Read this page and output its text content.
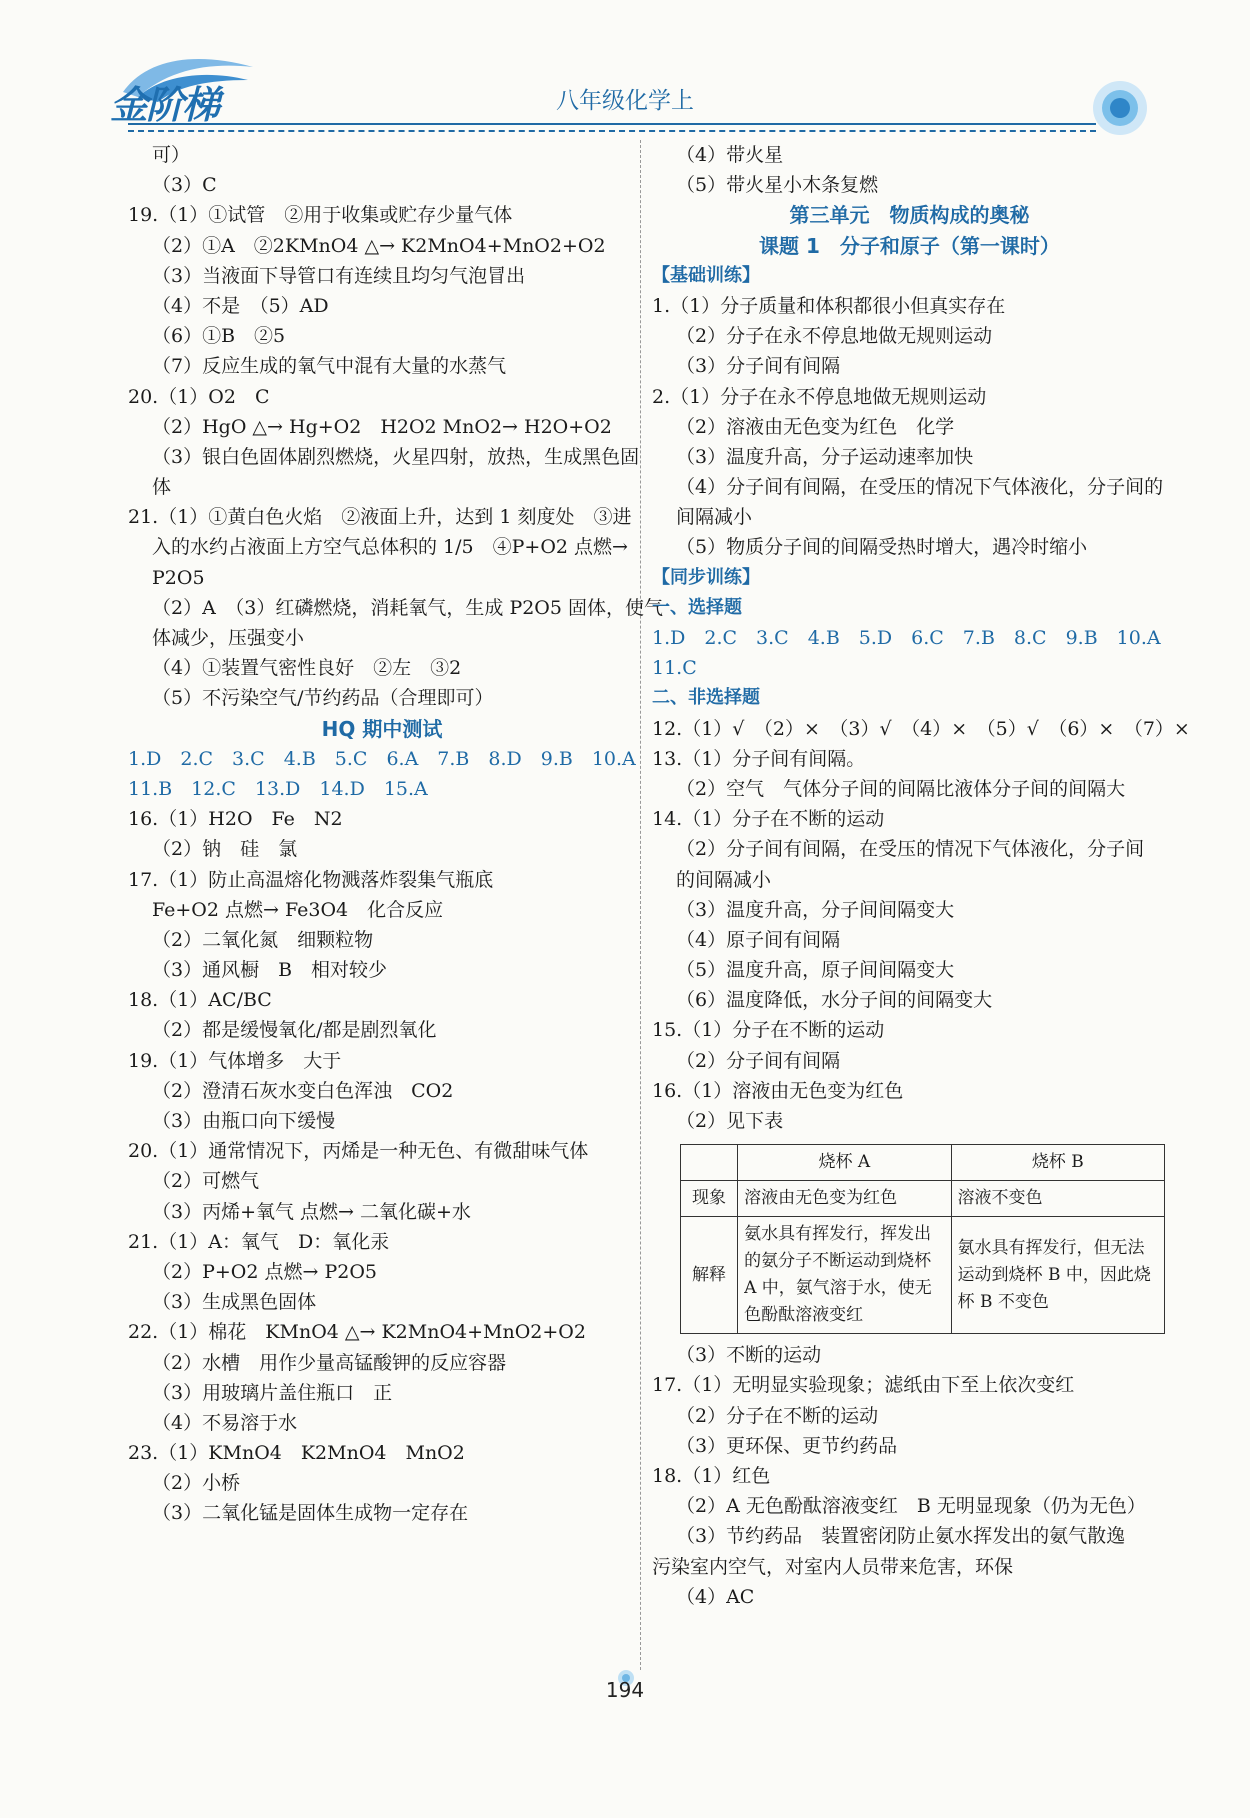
金阶梯	八年级化学上
可）
（3）C
19.（1）①试管　②用于收集或贮存少量气体
（2）①A　②2KMnO4 △→ K2MnO4+MnO2+O2
（3）当液面下导管口有连续且均匀气泡冒出
（4）不是　（5）AD
（6）①B　②5
（7）反应生成的氧气中混有大量的水蒸气
20.（1）O2　C
（2）HgO △→ Hg+O2　H2O2 MnO2→ H2O+O2
（3）银白色固体剧烈燃烧，火星四射，放热，生成黑色固
体
21.（1）①黄白色火焰　②液面上升，达到 1 刻度处　③进
入的水约占液面上方空气总体积的 1/5　④P+O2 点燃→
P2O5
（2）A　（3）红磷燃烧，消耗氧气，生成 P2O5 固体，使气
体减少，压强变小
（4）①装置气密性良好　②左　③2
（5）不污染空气/节约药品（合理即可）
HQ 期中测试
1.D　2.C　3.C　4.B　5.C　6.A　7.B　8.D　9.B　10.A
11.B　12.C　13.D　14.D　15.A
16.（1）H2O　Fe　N2
（2）钠　硅　氯
17.（1）防止高温熔化物溅落炸裂集气瓶底
Fe+O2 点燃→ Fe3O4　化合反应
（2）二氧化氮　细颗粒物
（3）通风橱　B　相对较少
18.（1）AC/BC
（2）都是缓慢氧化/都是剧烈氧化
19.（1）气体增多　大于
（2）澄清石灰水变白色浑浊　CO2
（3）由瓶口向下缓慢
20.（1）通常情况下，丙烯是一种无色、有微甜味气体
（2）可燃气
（3）丙烯+氧气 点燃→ 二氧化碳+水
21.（1）A：氧气　D：氧化汞
（2）P+O2 点燃→ P2O5
（3）生成黑色固体
22.（1）棉花　KMnO4 △→ K2MnO4+MnO2+O2
（2）水槽　用作少量高锰酸钾的反应容器
（3）用玻璃片盖住瓶口　正
（4）不易溶于水
23.（1）KMnO4　K2MnO4　MnO2
（2）小桥
（3）二氧化锰是固体生成物一定存在
（4）带火星
（5）带火星小木条复燃
第三单元　物质构成的奥秘
课题 1　分子和原子（第一课时）
【基础训练】
1.（1）分子质量和体积都很小但真实存在
（2）分子在永不停息地做无规则运动
（3）分子间有间隔
2.（1）分子在永不停息地做无规则运动
（2）溶液由无色变为红色　化学
（3）温度升高，分子运动速率加快
（4）分子间有间隔，在受压的情况下气体液化，分子间的
间隔减小
（5）物质分子间的间隔受热时增大，遇冷时缩小
【同步训练】
一、选择题
1.D　2.C　3.C　4.B　5.D　6.C　7.B　8.C　9.B　10.A
11.C
二、非选择题
12.（1）√　（2）×　（3）√　（4）×　（5）√　（6）×　（7）×
13.（1）分子间有间隔。
（2）空气　气体分子间的间隔比液体分子间的间隔大
14.（1）分子在不断的运动
（2）分子间有间隔，在受压的情况下气体液化，分子间
的间隔减小
（3）温度升高，分子间间隔变大
（4）原子间有间隔
（5）温度升高，原子间间隔变大
（6）温度降低，水分子间的间隔变大
15.（1）分子在不断的运动
（2）分子间有间隔
16.（1）溶液由无色变为红色
（2）见下表
	烧杯 A	烧杯 B
现象	溶液由无色变为红色	溶液不变色
解释	氨水具有挥发行，挥发出的氨分子不断运动到烧杯 A 中，氨气溶于水，使无色酚酞溶液变红	氨水具有挥发行，但无法运动到烧杯 B 中，因此烧杯 B 不变色
（3）不断的运动
17.（1）无明显实验现象；滤纸由下至上依次变红
（2）分子在不断的运动
（3）更环保、更节约药品
18.（1）红色
（2）A 无色酚酞溶液变红　B 无明显现象（仍为无色）
（3）节约药品　装置密闭防止氨水挥发出的氨气散逸
污染室内空气，对室内人员带来危害，环保
（4）AC
194
